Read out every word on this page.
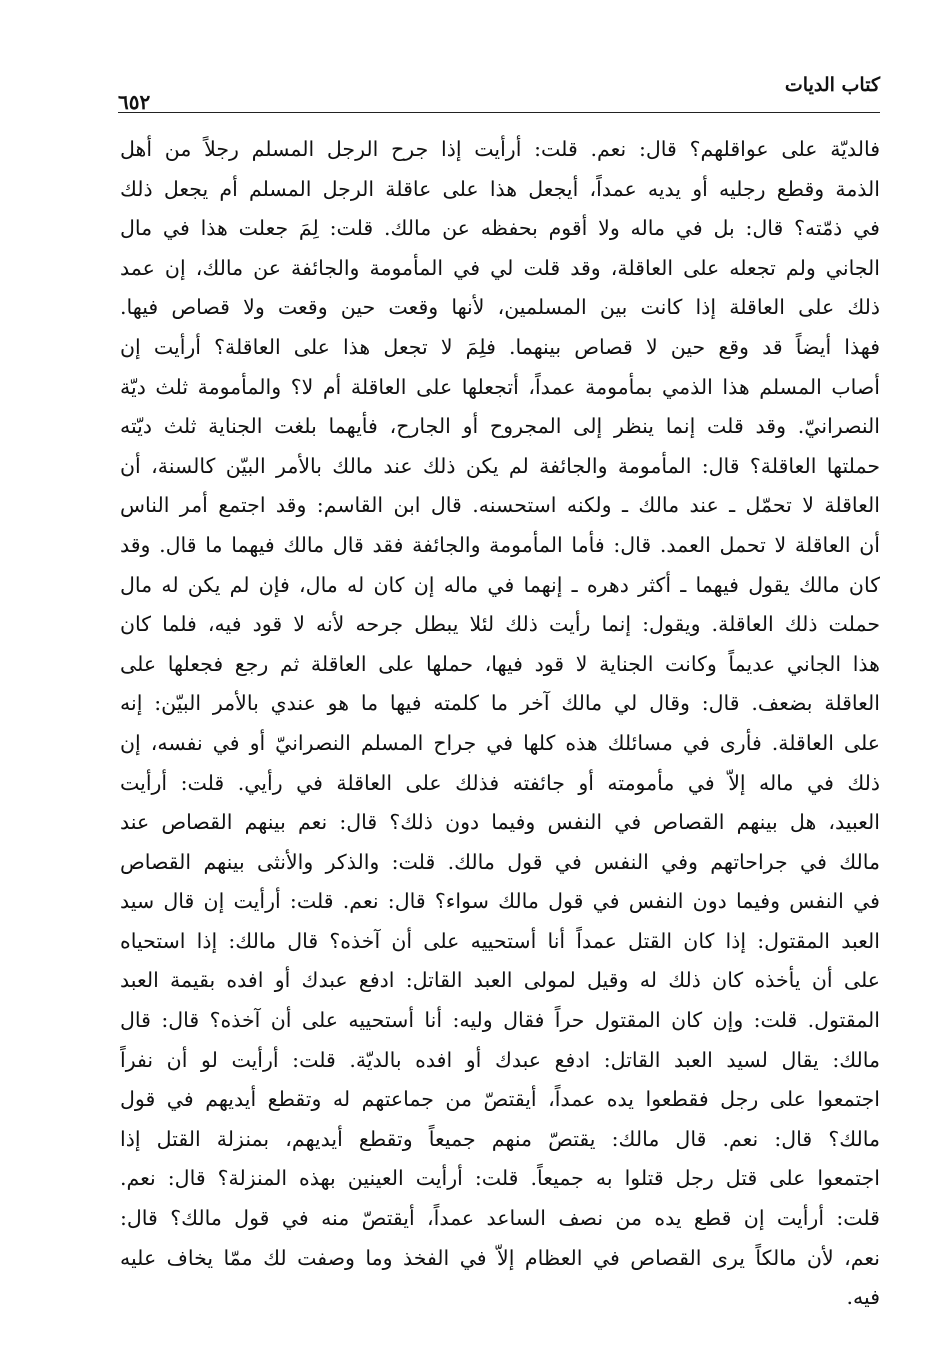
كتاب الديات
٦٥٢
فالديّة على عواقلهم؟ قال: نعم. قلت: أرأيت إذا جرح الرجل المسلم رجلاً من أهل
الذمة وقطع رجليه أو يديه عمداً، أيجعل هذا على عاقلة الرجل المسلم أم يجعل ذلك
في ذمّته؟ قال: بل في ماله ولا أقوم بحفظه عن مالك. قلت: لِمَ جعلت هذا في مال
الجاني ولم تجعله على العاقلة، وقد قلت لي في المأمومة والجائفة عن مالك، إن عمد
ذلك على العاقلة إذا كانت بين المسلمين، لأنها وقعت حين وقعت ولا قصاص فيها.
فهذا أيضاً قد وقع حين لا قصاص بينهما. فلِمَ لا تجعل هذا على العاقلة؟ أرأيت إن
أصاب المسلم هذا الذمي بمأمومة عمداً، أتجعلها على العاقلة أم لا؟ والمأمومة ثلث ديّة
النصرانيّ. وقد قلت إنما ينظر إلى المجروح أو الجارح، فأيهما بلغت الجناية ثلث ديّته
حملتها العاقلة؟ قال: المأمومة والجائفة لم يكن ذلك عند مالك بالأمر البيّن كالسنة، أن
العاقلة لا تحمّل ـ عند مالك ـ ولكنه استحسنه. قال ابن القاسم: وقد اجتمع أمر الناس
أن العاقلة لا تحمل العمد. قال: فأما المأمومة والجائفة فقد قال مالك فيهما ما قال. وقد
كان مالك يقول فيهما ـ أكثر دهره ـ إنهما في ماله إن كان له مال، فإن لم يكن له مال
حملت ذلك العاقلة. ويقول: إنما رأيت ذلك لئلا يبطل جرحه لأنه لا قود فيه، فلما كان
هذا الجاني عديماً وكانت الجناية لا قود فيها، حملها على العاقلة ثم رجع فجعلها على
العاقلة بضعف. قال: وقال لي مالك آخر ما كلمته فيها ما هو عندي بالأمر البيّن: إنه
على العاقلة. فأرى في مسائلك هذه كلها في جراح المسلم النصرانيّ أو في نفسه، إن
ذلك في ماله إلاّ في مأمومته أو جائفته فذلك على العاقلة في رأيي. قلت: أرأيت
العبيد، هل بينهم القصاص في النفس وفيما دون ذلك؟ قال: نعم بينهم القصاص عند
مالك في جراحاتهم وفي النفس في قول مالك. قلت: والذكر والأنثى بينهم القصاص
في النفس وفيما دون النفس في قول مالك سواء؟ قال: نعم. قلت: أرأيت إن قال سيد
العبد المقتول: إذا كان القتل عمداً أنا أستحييه على أن آخذه؟ قال مالك: إذا استحياه
على أن يأخذه كان ذلك له وقيل لمولى العبد القاتل: ادفع عبدك أو افده بقيمة العبد
المقتول. قلت: وإن كان المقتول حراً فقال وليه: أنا أستحييه على أن آخذه؟ قال: قال
مالك: يقال لسيد العبد القاتل: ادفع عبدك أو افده بالديّة. قلت: أرأيت لو أن نفراً
اجتمعوا على رجل فقطعوا يده عمداً، أيقتصّ من جماعتهم له وتقطع أيديهم في قول
مالك؟ قال: نعم. قال مالك: يقتصّ منهم جميعاً وتقطع أيديهم، بمنزلة القتل إذا
اجتمعوا على قتل رجل قتلوا به جميعاً. قلت: أرأيت العينين بهذه المنزلة؟ قال: نعم.
قلت: أرأيت إن قطع يده من نصف الساعد عمداً، أيقتصّ منه في قول مالك؟ قال:
نعم، لأن مالكاً يرى القصاص في العظام إلاّ في الفخذ وما وصفت لك ممّا يخاف عليه
فيه.
